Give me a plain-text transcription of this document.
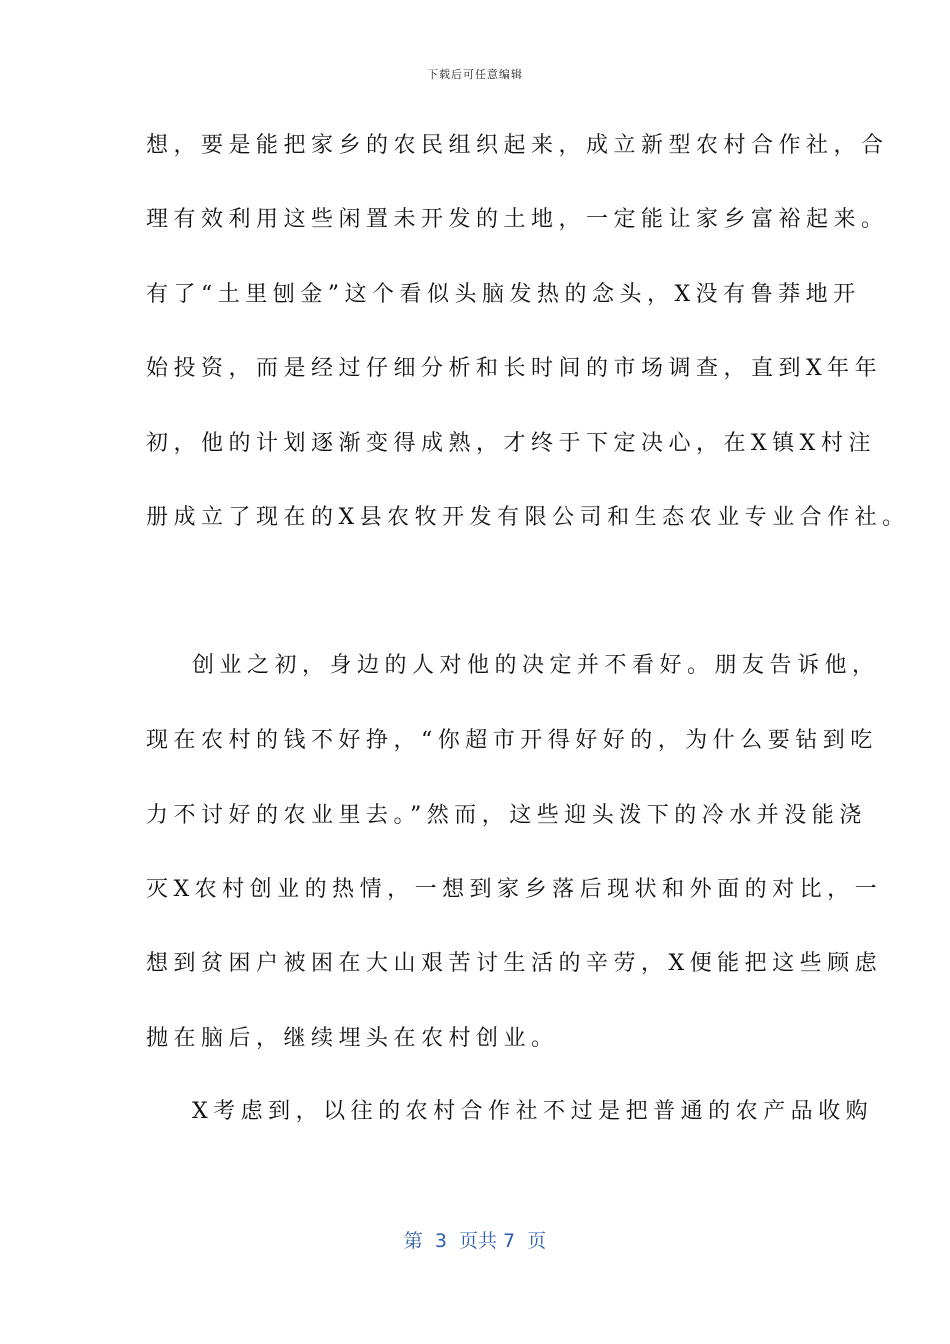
下载后可任意编辑
想，要是能把家乡的农民组织起来，成立新型农村合作社，合
理有效利用这些闲置未开发的土地，一定能让家乡富裕起来。
有了“土里刨金”这个看似头脑发热的念头，X没有鲁莽地开
始投资，而是经过仔细分析和长时间的市场调查，直到X年年
初，他的计划逐渐变得成熟，才终于下定决心，在X镇X村注
册成立了现在的X县农牧开发有限公司和生态农业专业合作社。
创业之初，身边的人对他的决定并不看好。朋友告诉他，
现在农村的钱不好挣，“你超市开得好好的，为什么要钻到吃
力不讨好的农业里去。”然而，这些迎头泼下的冷水并没能浇
灭X农村创业的热情，一想到家乡落后现状和外面的对比，一
想到贫困户被困在大山艰苦讨生活的辛劳，X便能把这些顾虑
抛在脑后，继续埋头在农村创业。
X考虑到，以往的农村合作社不过是把普通的农产品收购
第  3  页共 7  页
